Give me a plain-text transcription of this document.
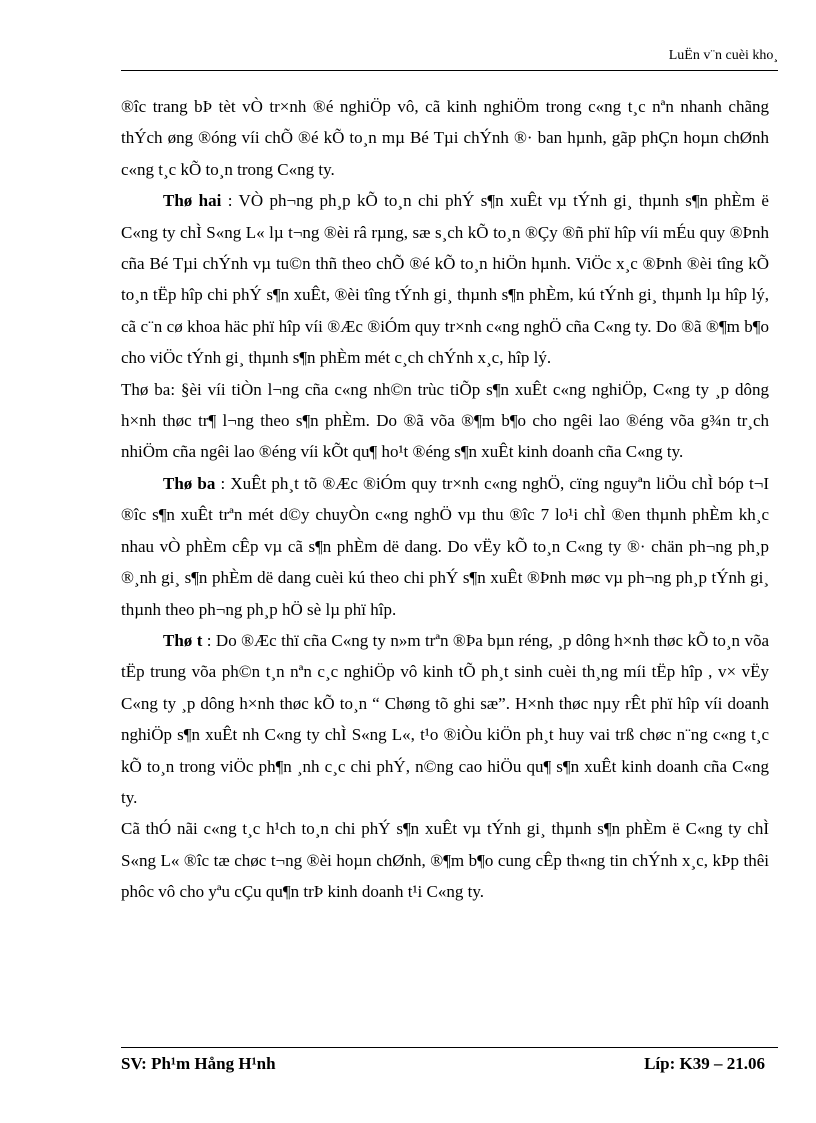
LuËn v¨n cuèi kho¸

®îc trang bÞ tèt vÒ tr×nh ®é nghiÖp vô, cã kinh nghiÖm trong c«ng t¸c nªn nhanh chãng thÝch øng ®óng víi chÕ ®é kÕ to¸n mµ Bé Tµi chÝnh ®· ban hµnh, gãp phÇn hoµn chØnh c«ng t¸c kÕ to¸n trong C«ng ty.

Thø hai : VÒ ph¬ng ph¸p kÕ to¸n chi phÝ s¶n xuÊt vµ tÝnh gi¸ thµnh s¶n phÈm ë C«ng ty chÌ S«ng L« lµ t¬ng ®èi râ rµng, sæ s¸ch kÕ to¸n ®Çy ®ñ phï hîp víi mÉu quy ®Þnh cña Bé Tµi chÝnh vµ tu©n thñ theo chÕ ®é kÕ to¸n hiÖn hµnh. ViÖc x¸c ®Þnh ®èi tîng kÕ to¸n tËp hîp chi phÝ s¶n xuÊt, ®èi tîng tÝnh gi¸ thµnh s¶n phÈm, kú tÝnh gi¸ thµnh lµ hîp lý, cã c¨n cø khoa häc phï hîp víi ®Æc ®iÓm quy tr×nh c«ng nghÖ cña C«ng ty. Do ®ã ®¶m b¶o cho viÖc tÝnh gi¸ thµnh s¶n phÈm mét c¸ch chÝnh x¸c, hîp lý.

Thø ba: §èi víi tiÒn l¬ng cña c«ng nh©n trùc tiÕp s¶n xuÊt c«ng nghiÖp, C«ng ty ¸p dông h×nh thøc tr¶ l¬ng theo s¶n phÈm. Do ®ã võa ®¶m b¶o cho ngêi lao ®éng võa g¾n tr¸ch nhiÖm cña ngêi lao ®éng víi kÕt qu¶ ho¹t ®éng s¶n xuÊt kinh doanh cña C«ng ty.

Thø ba : XuÊt ph¸t tõ ®Æc ®iÓm quy tr×nh c«ng nghÖ, cïng nguyªn liÖu chÌ bóp t¬I ®îc s¶n xuÊt trªn mét d©y chuyÒn c«ng nghÖ vµ thu ®îc 7 lo¹i chÌ ®en thµnh phÈm kh¸c nhau vÒ phÈm cÊp vµ cã s¶n phÈm dë dang. Do vËy kÕ to¸n C«ng ty ®· chän ph¬ng ph¸p ®¸nh gi¸ s¶n phÈm dë dang cuèi kú theo chi phÝ s¶n xuÊt ®Þnh møc vµ ph¬ng ph¸p tÝnh gi¸ thµnh theo ph¬ng ph¸p hÖ sè lµ phï hîp.

Thø t : Do ®Æc thï cña C«ng ty n»m trªn ®Þa bµn réng, ¸p dông h×nh thøc kÕ to¸n võa tËp trung võa ph©n t¸n nªn c¸c nghiÖp vô kinh tÕ ph¸t sinh cuèi th¸ng míi tËp hîp , v× vËy C«ng ty ¸p dông h×nh thøc kÕ to¸n “ Chøng tõ ghi sæ”. H×nh thøc nµy rÊt phï hîp víi doanh nghiÖp s¶n xuÊt nh C«ng ty chÌ S«ng L«, t¹o ®iÒu kiÖn ph¸t huy vai trß chøc n¨ng c«ng t¸c kÕ to¸n trong viÖc ph¶n ¸nh c¸c chi phÝ, n©ng cao hiÖu qu¶ s¶n xuÊt kinh doanh cña C«ng ty.

Cã thÓ nãi c«ng t¸c h¹ch to¸n chi phÝ s¶n xuÊt vµ tÝnh gi¸ thµnh s¶n phÈm ë C«ng ty chÌ S«ng L« ®îc tæ chøc t¬ng ®èi hoµn chØnh, ®¶m b¶o cung cÊp th«ng tin chÝnh x¸c, kÞp thêi phôc vô cho yªu cÇu qu¶n trÞ kinh doanh t¹i C«ng ty.

SV: Ph¹m Hång H¹nh	Líp: K39 – 21.06
